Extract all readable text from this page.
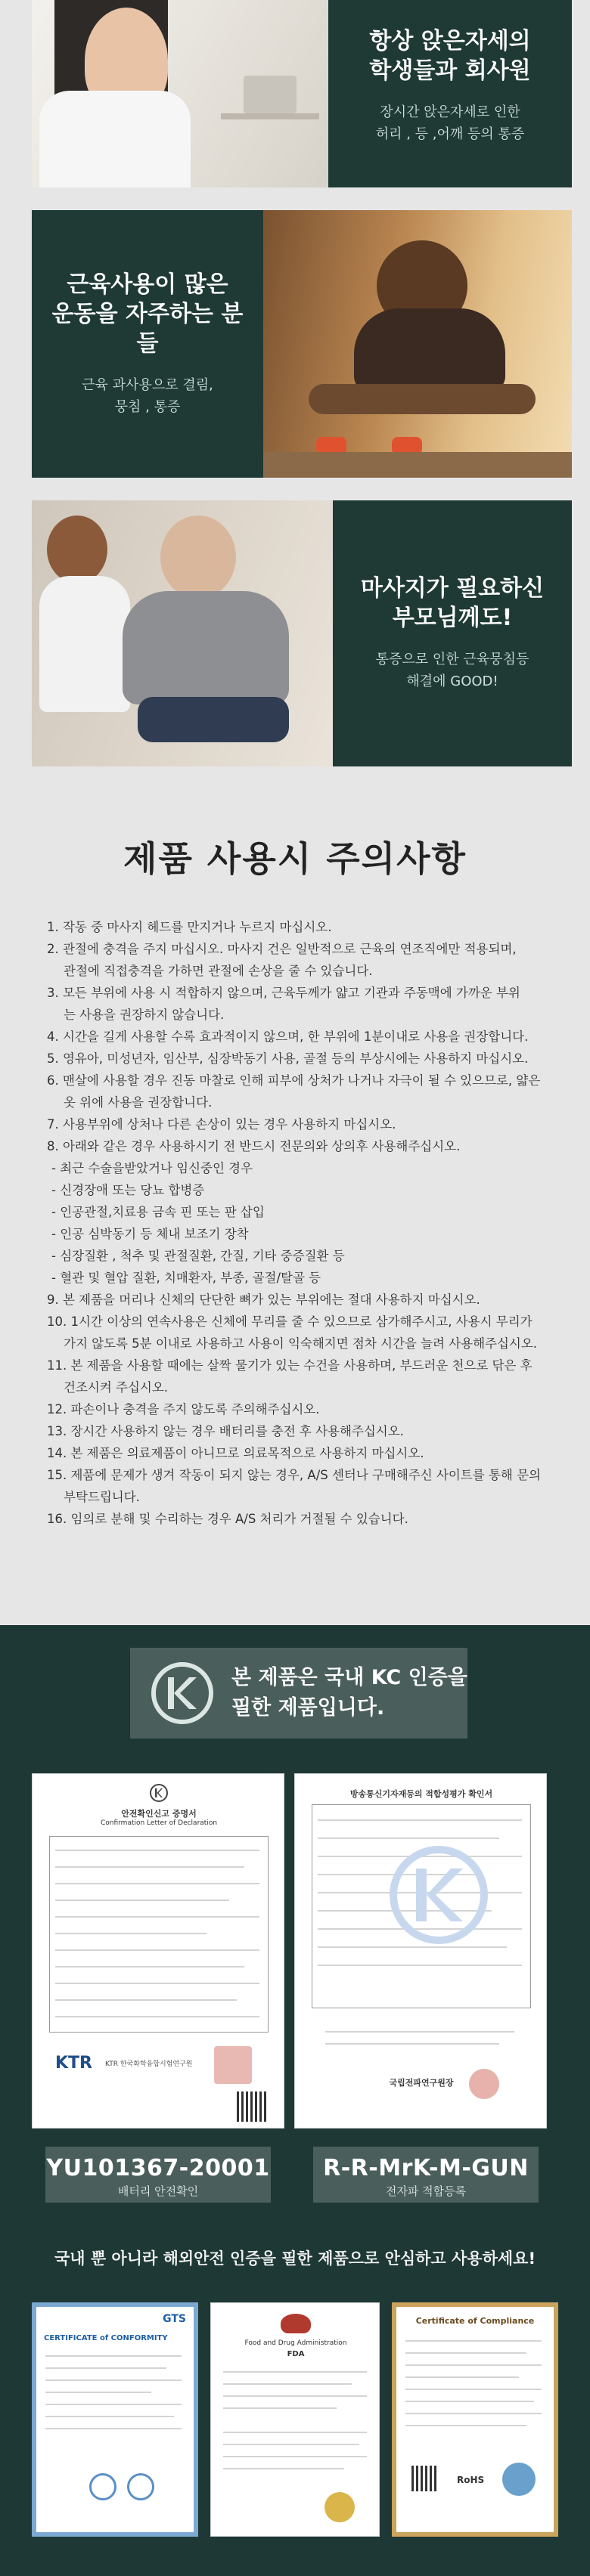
항상 앉은자세의
학생들과 회사원
장시간 앉은자세로 인한
허리 , 등 ,어깨 등의 통증
근육사용이 많은
운동을 자주하는 분들
근육 과사용으로 결림,
뭉침 , 통증
마사지가 필요하신
부모님께도!
통증으로 인한 근육뭉침등
해결에 GOOD!
제품 사용시 주의사항
1. 작동 중 마사지 헤드를 만지거나 누르지 마십시오.
2. 관절에 충격을 주지 마십시오. 마사지 건은 일반적으로 근육의 연조직에만 적용되며,
관절에 직접충격을 가하면 관절에 손상을 줄 수 있습니다.
3. 모든 부위에 사용 시 적합하지 않으며, 근육두께가 얇고 기관과 주동맥에 가까운 부위
는 사용을 권장하지 않습니다.
4. 시간을 길게 사용할 수록 효과적이지 않으며, 한 부위에 1분이내로 사용을 권장합니다.
5. 영유아, 미성년자, 임산부, 심장박동기 사용, 골절 등의 부상시에는 사용하지 마십시오.
6. 맨살에 사용할 경우 진동 마찰로 인해 피부에 상처가 나거나 자극이 될 수 있으므로, 얇은
옷 위에 사용을 권장합니다.
7. 사용부위에 상처나 다른 손상이 있는 경우 사용하지 마십시오.
8. 아래와 같은 경우 사용하시기 전 반드시 전문의와 상의후 사용해주십시오.
- 최근 수술을받았거나 임신중인 경우
- 신경장애 또는 당뇨 합병증
- 인공관절,치료용 금속 핀 또는 판 삽입
- 인공 심박동기 등 체내 보조기 장착
- 심장질환 , 척추 및 관절질환, 간질, 기타 중증질환 등
- 혈관 및 혈압 질환, 치매환자, 부종, 골절/탈골 등
9. 본 제품을 머리나 신체의 단단한 뼈가 있는 부위에는 절대 사용하지 마십시오.
10. 1시간 이상의 연속사용은 신체에 무리를 줄 수 있으므로 삼가해주시고, 사용시 무리가
가지 않도록 5분 이내로 사용하고 사용이 익숙해지면 점차 시간을 늘려 사용해주십시오.
11. 본 제품을 사용할 때에는 살짝 물기가 있는 수건을 사용하며, 부드러운 천으로 닦은 후
건조시켜 주십시오.
12. 파손이나 충격을 주지 않도록 주의해주십시오.
13. 장시간 사용하지 않는 경우 배터리를 충전 후 사용해주십시오.
14. 본 제품은 의료제품이 아니므로 의료목적으로 사용하지 마십시오.
15. 제품에 문제가 생겨 작동이 되지 않는 경우, A/S 센터나 구매해주신 사이트를 통해 문의
부탁드립니다.
16. 임의로 분해 및 수리하는 경우 A/S 처리가 거절될 수 있습니다.
본 제품은 국내 KC 인증을
필한 제품입니다.
안전확인신고 증명서
Confirmation Letter of Declaration
KTR KTR 한국화학융합시험연구원
방송통신기자재등의 적합성평가 확인서
국립전파연구원장
YU101367-20001
배터리 안전확인
R-R-MrK-M-GUN
전자파 적합등록
국내 뿐 아니라 해외안전 인증을 필한 제품으로 안심하고 사용하세요!
GTS
CERTIFICATE of CONFORMITY
Food and Drug Administration
FDA
Certificate of Compliance
RoHS
